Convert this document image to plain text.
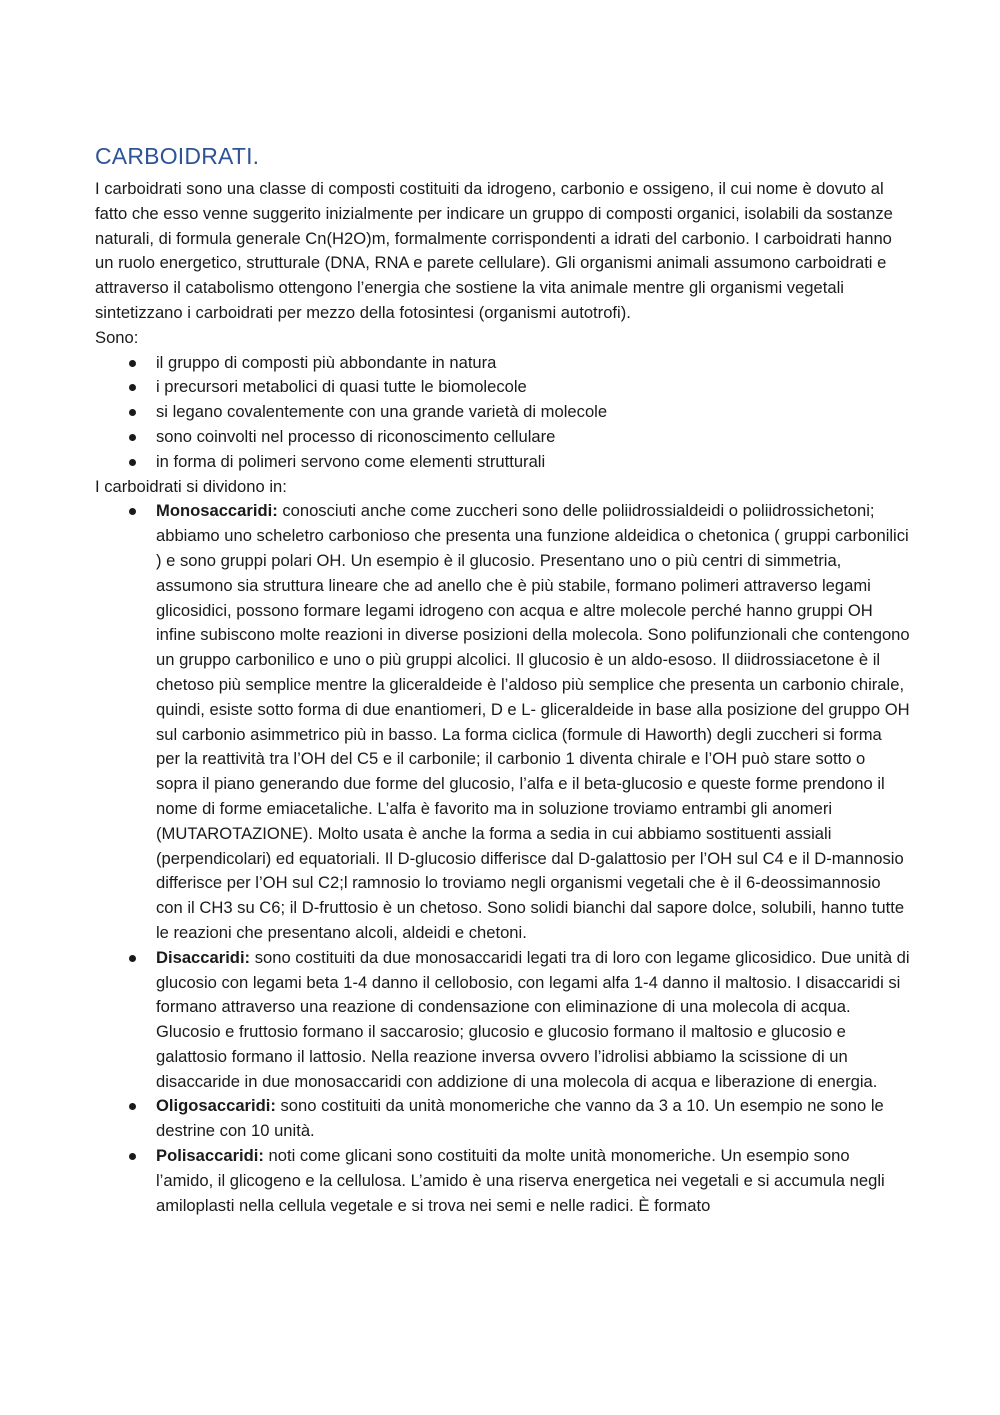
CARBOIDRATI.

I carboidrati sono una classe di composti costituiti da idrogeno, carbonio e ossigeno, il cui nome è dovuto al fatto che esso venne suggerito inizialmente per indicare un gruppo di composti organici, isolabili da sostanze naturali, di formula generale Cn(H2O)m, formalmente corrispondenti a idrati del carbonio. I carboidrati hanno un ruolo energetico, strutturale (DNA, RNA e parete cellulare). Gli organismi animali assumono carboidrati e attraverso il catabolismo ottengono l’energia che sostiene la vita animale mentre gli organismi vegetali sintetizzano i carboidrati per mezzo della fotosintesi (organismi autotrofi).

Sono:

il gruppo di composti più abbondante in natura
i precursori metabolici di quasi tutte le biomolecole
si legano covalentemente con una grande varietà di molecole
sono coinvolti nel processo di riconoscimento cellulare
in forma di polimeri servono come elementi strutturali

I carboidrati si dividono in:

Monosaccaridi: conosciuti anche come zuccheri sono delle poliidrossialdeidi o poliidrossichetoni; abbiamo uno scheletro carbonioso che presenta una funzione aldeidica o chetonica ( gruppi carbonilici ) e sono gruppi polari OH. Un esempio è il glucosio. Presentano uno o più centri di simmetria, assumono sia struttura lineare che ad anello che è più stabile, formano polimeri attraverso legami glicosidici, possono formare legami idrogeno con acqua e altre molecole perché hanno gruppi OH infine subiscono molte reazioni in diverse posizioni della molecola. Sono polifunzionali che contengono un gruppo carbonilico e uno o più gruppi alcolici. Il glucosio è un aldo-esoso. Il diidrossiacetone è il chetoso più semplice mentre la gliceraldeide è l’aldoso più semplice che presenta un carbonio chirale, quindi, esiste sotto forma di due enantiomeri, D e L- gliceraldeide in base alla posizione del gruppo OH sul carbonio asimmetrico più in basso. La forma ciclica (formule di Haworth) degli zuccheri si forma per la reattività tra l’OH del C5 e il carbonile; il carbonio 1 diventa chirale e l’OH può stare sotto o sopra il piano generando due forme del glucosio, l’alfa e il beta-glucosio e queste forme prendono il nome di forme emiacetaliche. L’alfa è favorito ma in soluzione troviamo entrambi gli anomeri (MUTAROTAZIONE). Molto usata è anche la forma a sedia in cui abbiamo sostituenti assiali (perpendicolari) ed equatoriali. Il D-glucosio differisce dal D-galattosio per l’OH sul C4 e il D-mannosio differisce per l’OH sul C2;l ramnosio lo troviamo negli organismi vegetali che è il 6-deossimannosio con il CH3 su C6; il D-fruttosio è un chetoso. Sono solidi bianchi dal sapore dolce, solubili, hanno tutte le reazioni che presentano alcoli, aldeidi e chetoni.
Disaccaridi: sono costituiti da due monosaccaridi legati tra di loro con legame glicosidico. Due unità di glucosio con legami beta 1-4 danno il cellobosio, con legami alfa 1-4 danno il maltosio. I disaccaridi si formano attraverso una reazione di condensazione con eliminazione di una molecola di acqua. Glucosio e fruttosio formano il saccarosio; glucosio e glucosio formano il maltosio e glucosio e galattosio formano il lattosio. Nella reazione inversa ovvero l’idrolisi abbiamo la scissione di un disaccaride in due monosaccaridi con addizione di una molecola di acqua e liberazione di energia.
Oligosaccaridi: sono costituiti da unità monomeriche che vanno da 3 a 10. Un esempio ne sono le destrine con 10 unità.
Polisaccaridi: noti come glicani sono costituiti da molte unità monomeriche. Un esempio sono l’amido, il glicogeno e la cellulosa. L’amido è una riserva energetica nei vegetali e si accumula negli amiloplasti nella cellula vegetale e si trova nei semi e nelle radici. È formato
